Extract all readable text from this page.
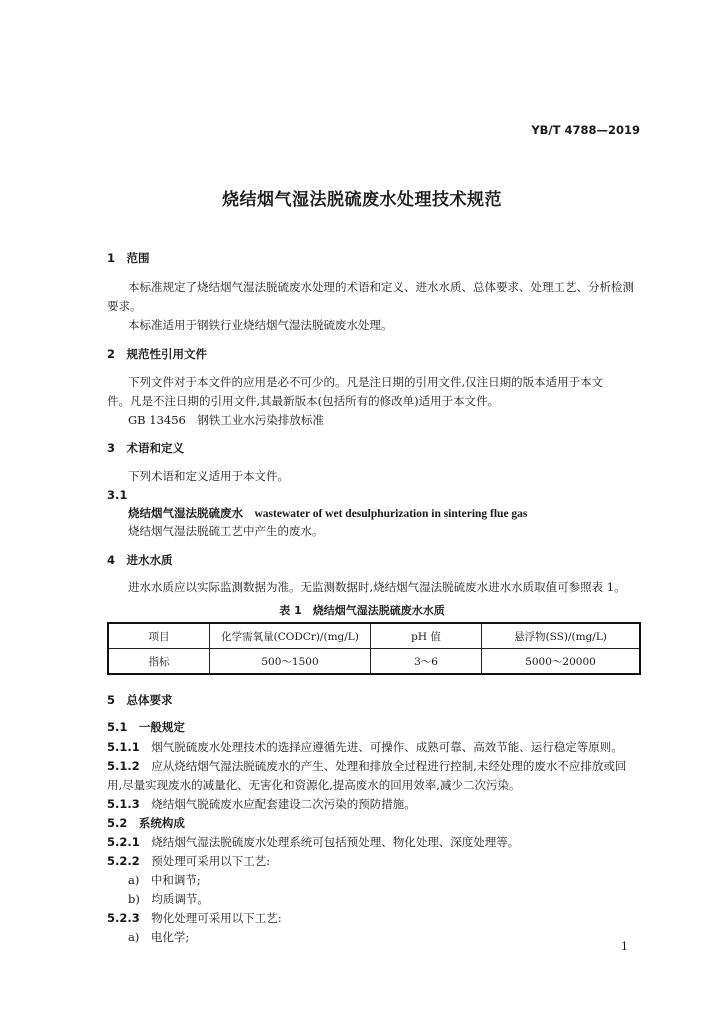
YB/T 4788—2019
烧结烟气湿法脱硫废水处理技术规范
1　 范围
本标准规定了烧结烟气湿法脱硫废水处理的术语和定义、进水水质、总体要求、处理工艺、分析检测
要求。
本标准适用于钢铁行业烧结烟气湿法脱硫废水处理。
2　 规范性引用文件
下列文件对于本文件的应用是必不可少的。凡是注日期的引用文件,仅注日期的版本适用于本文
件。凡是不注日期的引用文件,其最新版本(包括所有的修改单)适用于本文件。
GB 13456　钢铁工业水污染排放标准
3　 术语和定义
下列术语和定义适用于本文件。
3.1
烧结烟气湿法脱硫废水　 wastewater of wet desulphurization in sintering flue gas
烧结烟气湿法脱硫工艺中产生的废水。
4　 进水水质
进水水质应以实际监测数据为准。无监测数据时,烧结烟气湿法脱硫废水进水水质取值可参照表 1。
表 1　烧结烟气湿法脱硫废水水质
项目	化学需氧量(CODCr)/(mg/L)	pH 值	悬浮物(SS)/(mg/L)
指标	500～1500	3～6	5000～20000
5　 总体要求
5.1　一般规定
5.1.1　 烟气脱硫废水处理技术的选择应遵循先进、可操作、成熟可靠、高效节能、运行稳定等原则。
5.1.2　 应从烧结烟气湿法脱硫废水的产生、处理和排放全过程进行控制,未经处理的废水不应排放或回
用,尽量实现废水的减量化、无害化和资源化,提高废水的回用效率,减少二次污染。
5.1.3　 烧结烟气脱硫废水应配套建设二次污染的预防措施。
5.2　系统构成
5.2.1　 烧结烟气湿法脱硫废水处理系统可包括预处理、物化处理、深度处理等。
5.2.2　 预处理可采用以下工艺:
a)　中和调节;
b)　均质调节。
5.2.3　 物化处理可采用以下工艺:
a)　电化学;
1
